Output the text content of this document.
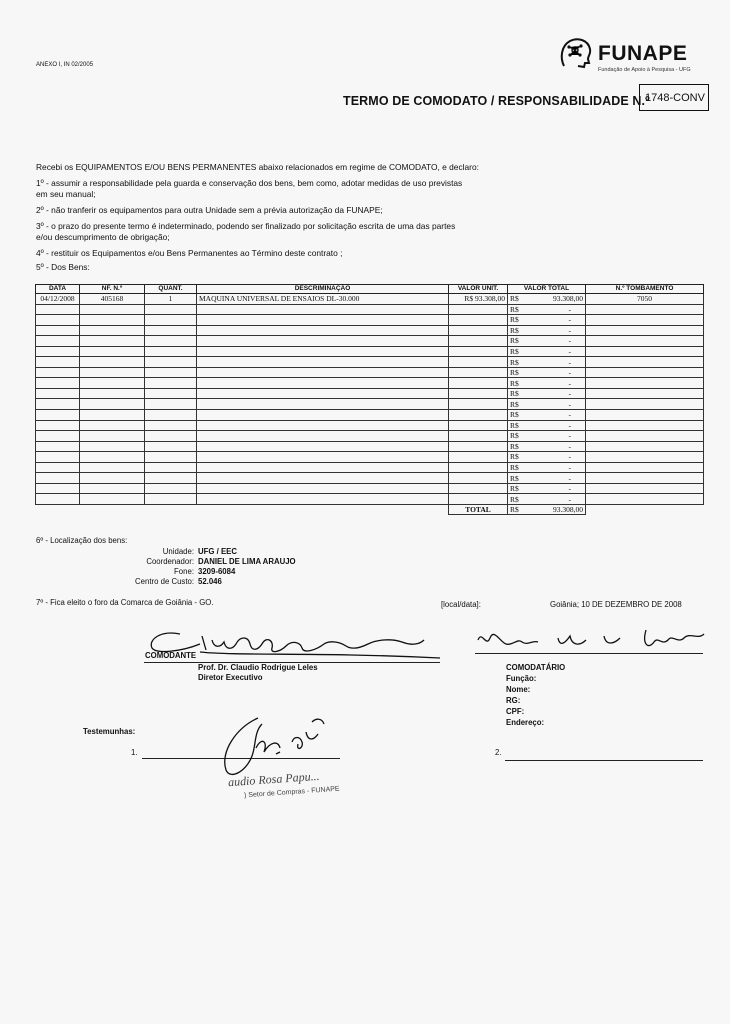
ANEXO I, IN 02/2005	FUNAPE
Fundação de Apoio à Pesquisa - UFG
TERMO DE COMODATO / RESPONSABILIDADE N.º
1748-CONV
Recebi os EQUIPAMENTOS E/OU BENS PERMANENTES abaixo relacionados em regime de COMODATO, e declaro:
1º - assumir a responsabilidade pela guarda e conservação dos bens, bem como, adotar medidas de uso previstas
em seu manual;
2º - não tranferir os equipamentos para outra Unidade sem a prévia autorização da FUNAPE;
3º - o prazo do presente termo é indeterminado, podendo ser finalizado por solicitação escrita de uma das partes
e/ou descumprimento de obrigação;
4º - restituir os Equipamentos e/ou Bens Permanentes ao Término deste contrato ;
5º - Dos Bens:
DATA	NF. N.º	QUANT.	DESCRIMINAÇÃO	VALOR UNIT.	VALOR TOTAL	N.º TOMBAMENTO
04/12/2008	405168	1	MAQUINA UNIVERSAL DE ENSAIOS DL-30.000	R$ 93.308,00	R$ 93.308,00	7050

					R$ -	

					R$ -	

					R$ -	

					R$ -	

					R$ -	

					R$ -	

					R$ -	

					R$ -	

					R$ -	

					R$ -	

					R$ -	

					R$ -	

					R$ -	

					R$ -	

					R$ -	

					R$ -	

					R$ -	

					R$ -	

					R$ -	

				TOTAL	R$ 93.308,00	

6º - Localização dos bens:
Unidade: UFG / EEC
Coordenador: DANIEL DE LIMA ARAUJO
Fone: 3209-6084
Centro de Custo: 52.046
7º - Fica eleito o foro da Comarca de Goiânia - GO.	[local/data]:	Goiânia; 10 DE DEZEMBRO DE 2008
COMODANTE
Prof. Dr. Claudio Rodrigue Leles
Diretor Executivo
COMODATÁRIO
Função:
Nome:
RG:
CPF:
Endereço:
Testemunhas:
1.	2.
audio Rosa Papu...
) Setor de Compras - FUNAPE
